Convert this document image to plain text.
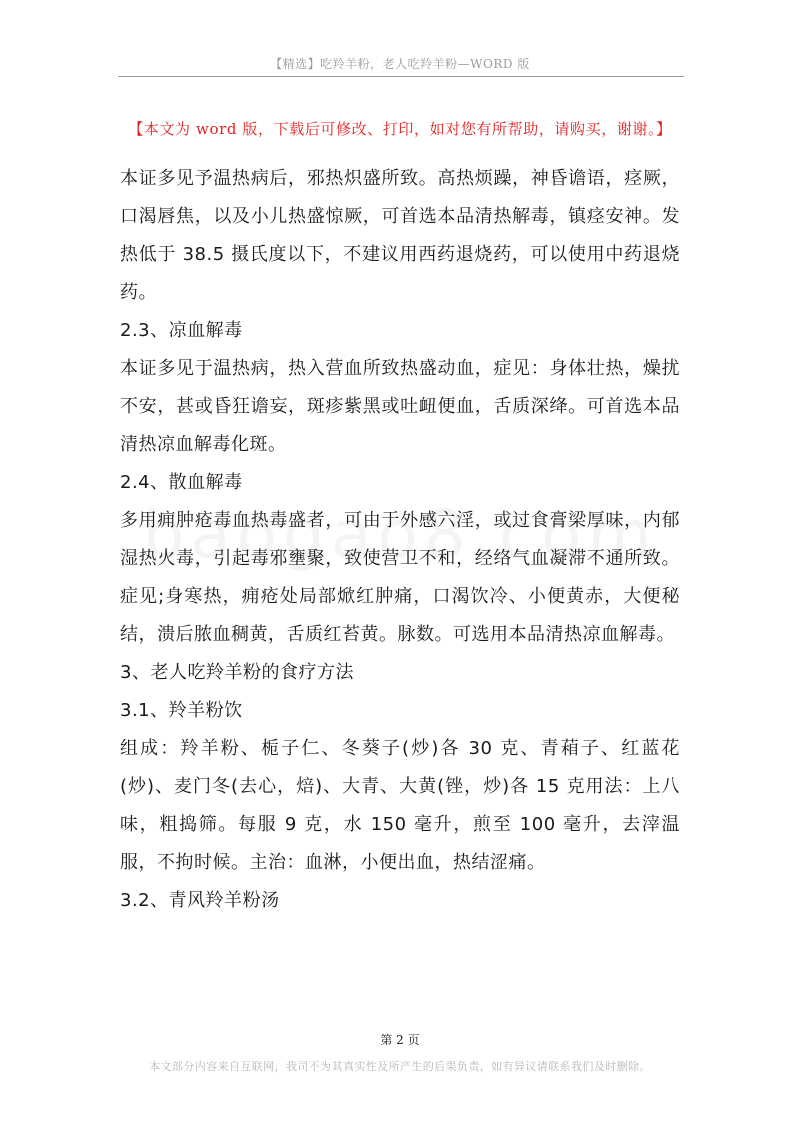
【精选】吃羚羊粉，老人吃羚羊粉—WORD 版
【本文为 word 版，下载后可修改、打印，如对您有所帮助，请购买，谢谢。】

本证多见予温热病后，邪热炽盛所致。高热烦躁，神昏谵语，痉厥，口渴唇焦，以及小儿热盛惊厥，可首选本品清热解毒，镇痉安神。发热低于 38.5 摄氏度以下，不建议用西药退烧药，可以使用中药退烧药。

2.3、凉血解毒

本证多见于温热病，热入营血所致热盛动血，症见：身体壮热，燥扰不安，甚或昏狂谵妄，斑疹紫黑或吐衄便血，舌质深绛。可首选本品清热凉血解毒化斑。

2.4、散血解毒

多用痈肿疮毒血热毒盛者，可由于外感六淫，或过食膏梁厚味，内郁湿热火毒，引起毒邪壅聚，致使营卫不和，经络气血凝滞不通所致。症见;身寒热，痈疮处局部焮红肿痛，口渴饮冷、小便黄赤，大便秘结，溃后脓血稠黄，舌质红苔黄。脉数。可选用本品清热凉血解毒。

3、老人吃羚羊粉的食疗方法

3.1、羚羊粉饮

组成：羚羊粉、栀子仁、冬葵子(炒)各 30 克、青葙子、红蓝花(炒)、麦门冬(去心，焙)、大青、大黄(锉，炒)各 15 克用法：上八味，粗捣筛。每服 9 克，水 150 毫升，煎至 100 毫升，去滓温服，不拘时候。主治：血淋，小便出血，热结涩痛。

3.2、青风羚羊粉汤

第 2 页
本文部分内容来自互联网，我司不为其真实性及所产生的后果负责，如有异议请联系我们及时删除。
